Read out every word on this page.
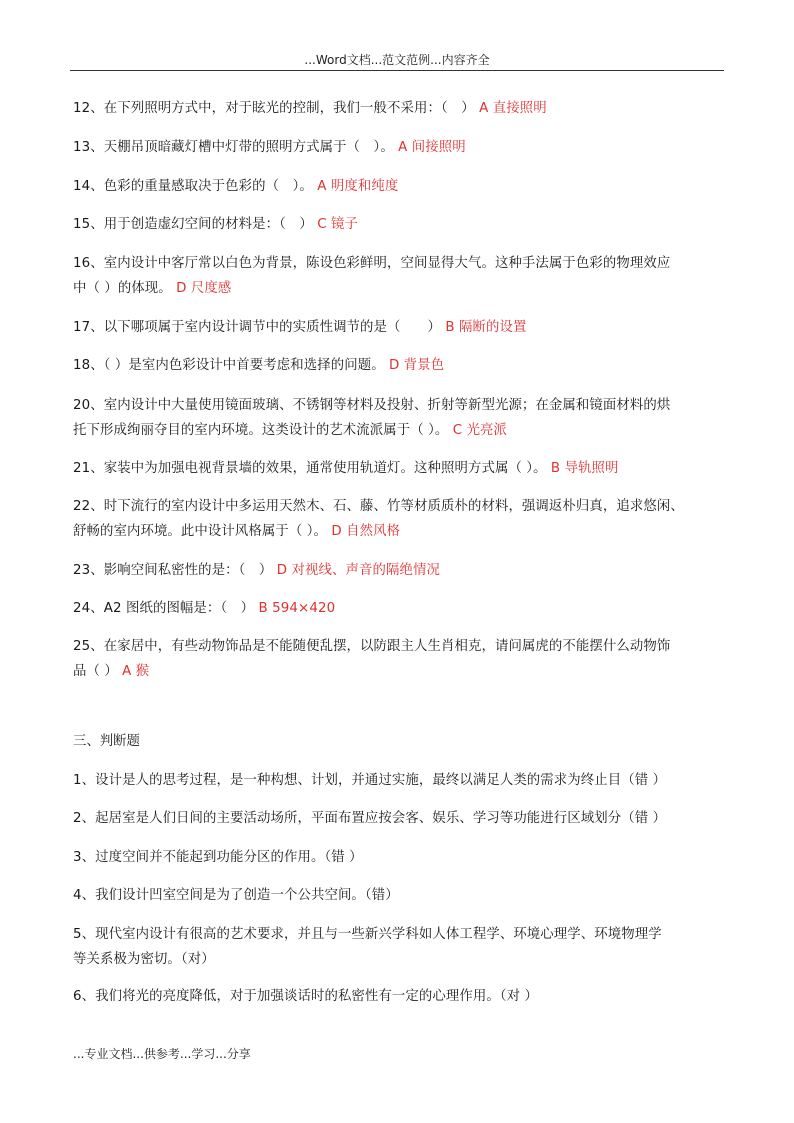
...Word文档...范文范例...内容齐全
12、在下列照明方式中，对于眩光的控制，我们一般不采用：（　） A 直接照明
13、天棚吊顶暗藏灯槽中灯带的照明方式属于（　）。 A 间接照明
14、色彩的重量感取决于色彩的（　）。 A 明度和纯度
15、用于创造虚幻空间的材料是：（　） C 镜子
16、室内设计中客厅常以白色为背景，陈设色彩鲜明，空间显得大气。这种手法属于色彩的物理效应
中（ ）的体现。 D 尺度感
17、以下哪项属于室内设计调节中的实质性调节的是（　　） B 隔断的设置
18、（ ）是室内色彩设计中首要考虑和选择的问题。 D 背景色
20、室内设计中大量使用镜面玻璃、不锈钢等材料及投射、折射等新型光源；在金属和镜面材料的烘
托下形成绚丽夺目的室内环境。这类设计的艺术流派属于（ ）。 C 光亮派
21、家装中为加强电视背景墙的效果，通常使用轨道灯。这种照明方式属（ ）。 B 导轨照明
22、时下流行的室内设计中多运用天然木、石、藤、竹等材质质朴的材料，强调返朴归真，追求悠闲、
舒畅的室内环境。此中设计风格属于（ ）。 D 自然风格
23、影响空间私密性的是：（　） D 对视线、声音的隔绝情况
24、A2 图纸的图幅是：（　） B 594×420
25、在家居中，有些动物饰品是不能随便乱摆，以防跟主人生肖相克，请问属虎的不能摆什么动物饰
品（ ） A 猴
三、判断题
1、设计是人的思考过程，是一种构想、计划，并通过实施，最终以满足人类的需求为终止目（错 ）
2、起居室是人们日间的主要活动场所，平面布置应按会客、娱乐、学习等功能进行区域划分（错 ）
3、过度空间并不能起到功能分区的作用。（错 ）
4、我们设计凹室空间是为了创造一个公共空间。（错）
5、现代室内设计有很高的艺术要求，并且与一些新兴学科如人体工程学、环境心理学、环境物理学
等关系极为密切。（对）
6、我们将光的亮度降低，对于加强谈话时的私密性有一定的心理作用。（对 ）
...专业文档...供参考...学习...分享
